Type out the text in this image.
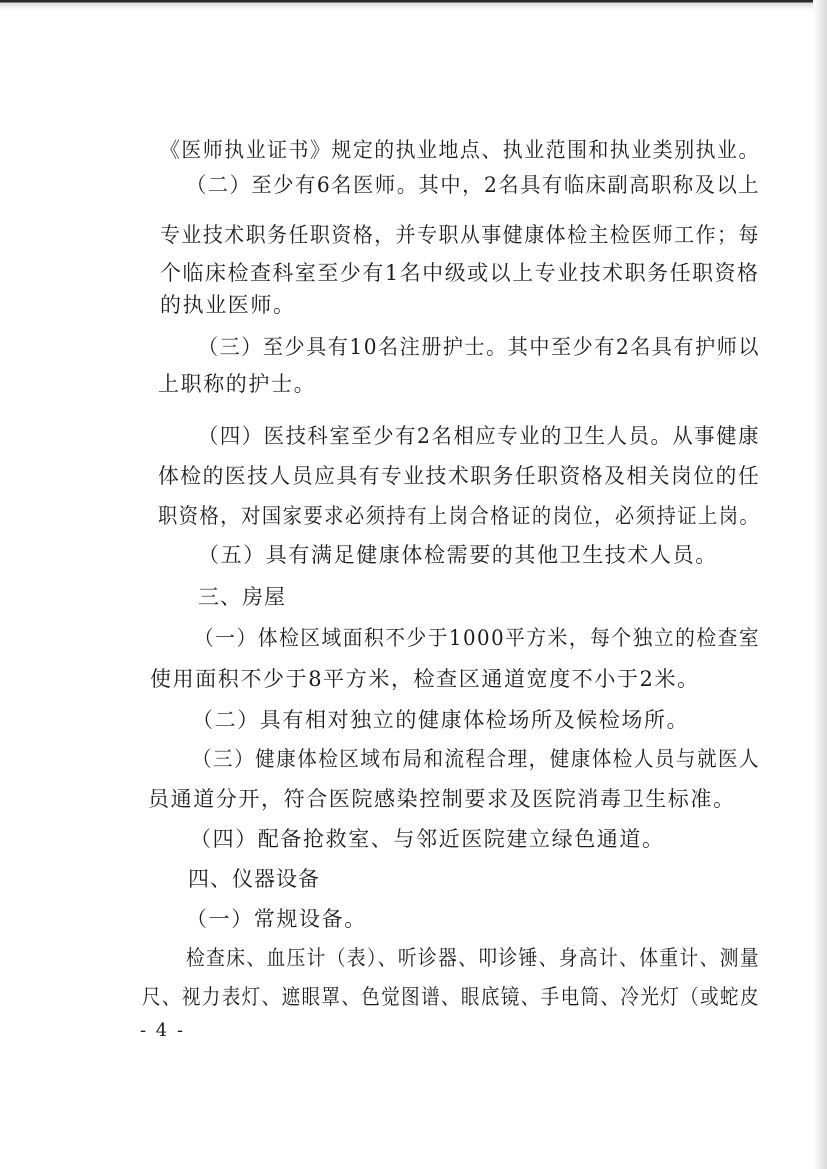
《医师执业证书》规定的执业地点、执业范围和执业类别执业。
（二）至少有6名医师。其中，2名具有临床副高职称及以上
专业技术职务任职资格，并专职从事健康体检主检医师工作；每
个临床检查科室至少有1名中级或以上专业技术职务任职资格
的执业医师。
（三）至少具有10名注册护士。其中至少有2名具有护师以
上职称的护士。
（四）医技科室至少有2名相应专业的卫生人员。从事健康
体检的医技人员应具有专业技术职务任职资格及相关岗位的任
职资格，对国家要求必须持有上岗合格证的岗位，必须持证上岗。
（五）具有满足健康体检需要的其他卫生技术人员。
三、房屋
（一）体检区域面积不少于1000平方米，每个独立的检查室
使用面积不少于8平方米，检查区通道宽度不小于2米。
（二）具有相对独立的健康体检场所及候检场所。
（三）健康体检区域布局和流程合理，健康体检人员与就医人
员通道分开，符合医院感染控制要求及医院消毒卫生标准。
（四）配备抢救室、与邻近医院建立绿色通道。
四、仪器设备
（一）常规设备。
检查床、血压计（表）、听诊器、叩诊锤、身高计、体重计、测量
尺、视力表灯、遮眼罩、色觉图谱、眼底镜、手电筒、冷光灯（或蛇皮
- 4 -
